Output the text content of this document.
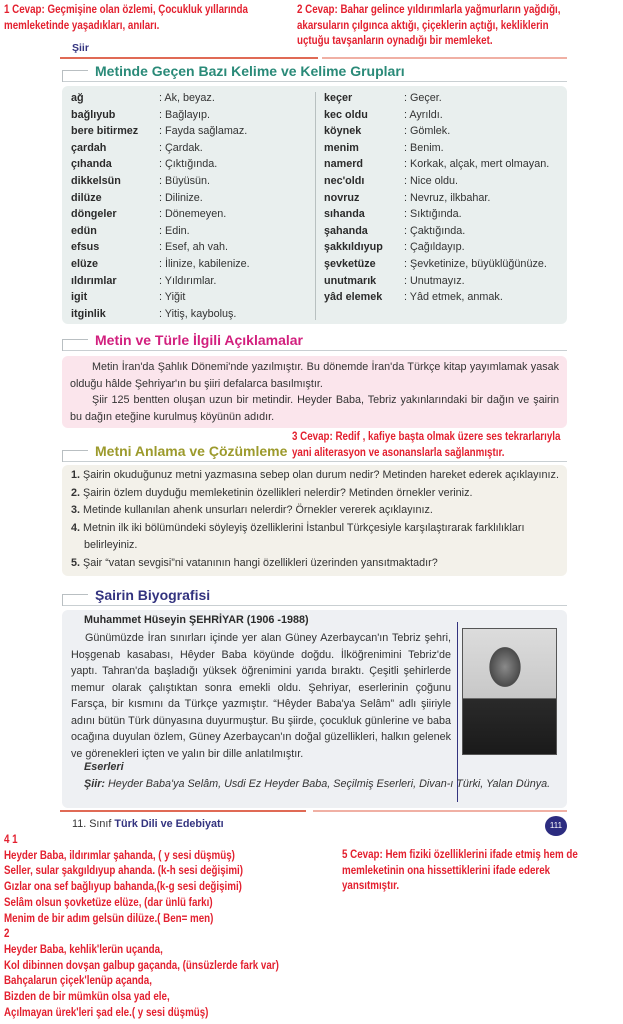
1 Cevap: Geçmişine olan özlemi, Çocukluk yıllarında
memleketinde yaşadıkları, anıları.
2 Cevap: Bahar gelince yıldırımlarla yağmurların yağdığı,
akarsuların çılgınca aktığı, çiçeklerin açtığı, kekliklerin
uçtuğu tavşanların oynadığı bir memleket.
Şiir
Metinde Geçen Bazı Kelime ve Kelime Grupları
ağ	: Ak, beyaz.
bağlıyub	: Bağlayıp.
bere bitirmez : Fayda sağlamaz.
çardah	: Çardak.
çıhanda	: Çıktığında.
dikkelsün	: Büyüsün.
dilüze	: Dilinize.
döngeler	: Dönemeyen.
edün	: Edin.
efsus	: Esef, ah vah.
elüze	: İlinize, kabilenize.
ıldırımlar	: Yıldırımlar.
igit	: Yiğit
itginlik	: Yitiş, kayboluş.
keçer	: Geçer.
kec oldu	: Ayrıldı.
köynek	: Gömlek.
menim	: Benim.
namerd	: Korkak, alçak, mert olmayan.
nec'oldı	: Nice oldu.
novruz	: Nevruz, ilkbahar.
sıhanda	: Sıktığında.
şahanda	: Çaktığında.
şakkıldıyup : Çağıldayıp.
şevketüze	: Şevketinize, büyüklüğünüze.
unutmarık	: Unutmayız.
yâd elemek : Yâd etmek, anmak.
Metin ve Türle İlgili Açıklamalar

Metin İran'da Şahlık Dönemi'nde yazılmıştır. Bu dönemde İran'da Türkçe kitap yayımlamak yasak olduğu hâlde Şehriyar'ın bu şiiri defalarca basılmıştır.

Şiir 125 bentten oluşan uzun bir metindir. Heyder Baba, Tebriz yakınlarındaki bir dağın ve şairin bu dağın eteğine kurulmuş köyünün adıdır.

Metni Anlama ve Çözümleme
3 Cevap: Redif , kafiye başta olmak üzere ses tekrarlarıyla
yani aliterasyon ve asonanslarla sağlanmıştır.
1. Şairin okuduğunuz metni yazmasına sebep olan durum nedir? Metinden hareket ederek açıklayınız.
2. Şairin özlem duyduğu memleketinin özellikleri nelerdir? Metinden örnekler veriniz.
3. Metinde kullanılan ahenk unsurları nelerdir? Örnekler vererek açıklayınız.
4. Metnin ilk iki bölümündeki söyleyiş özelliklerini İstanbul Türkçesiyle karşılaştırarak farklılıkları belirleyiniz.
5. Şair “vatan sevgisi”ni vatanının hangi özellikleri üzerinden yansıtmaktadır?
Şairin Biyografisi
Muhammet Hüseyin ŞEHRİYAR (1906 -1988)

Günümüzde İran sınırları içinde yer alan Güney Azerbaycan'ın Tebriz şehri, Hoşgenab kasabası, Hêyder Baba köyünde doğdu. İlköğrenimini Tebriz'de yaptı. Tahran'da başladığı yüksek öğrenimini yarıda bıraktı. Çeşitli şehirlerde memur olarak çalıştıktan sonra emekli oldu. Şehriyar, eserlerinin çoğunu Farsça, bir kısmını da Türkçe yazmıştır. “Hêyder Baba'ya Selâm” adlı şiiriyle adını bütün Türk dünyasına duyurmuştur. Bu şiirde, çocukluk günlerine ve baba ocağına duyulan özlem, Güney Azerbaycan'ın doğal güzellikleri, halkın gelenek ve görenekleri içten ve yalın bir dille anlatılmıştır.

Eserleri
Şiir: Heyder Baba'ya Selâm, Usdi Ez Heyder Baba, Seçilmiş Eserleri, Divan-ı Türki, Yalan Dünya.
11. Sınıf Türk Dili ve Edebiyatı	111
4 1
Heyder Baba, ildırımlar şahanda, ( y sesi düşmüş)
Seller, sular şakgıldıyup ahanda. (k-h sesi değişimi)
Gızlar ona sef bağlıyup bahanda,(k-g sesi değişimi)
Selâm olsun şovketüze elüze, (dar ünlü farkı)
Menim de bir adım gelsün dilüze.( Ben= men)
2
Heyder Baba, kehlik'lerün uçanda,
Kol dibinnen dovşan galbup gaçanda, (ünsüzlerde fark var)
Bahçalarun çiçek'lenüp açanda,
Bizden de bir mümkün olsa yad ele,
Açılmayan ürek'leri şad ele.( y sesi düşmüş)
5 Cevap: Hem fiziki özelliklerini ifade etmiş hem de
memleketinin ona hissettiklerini ifade ederek
yansıtmıştır.
